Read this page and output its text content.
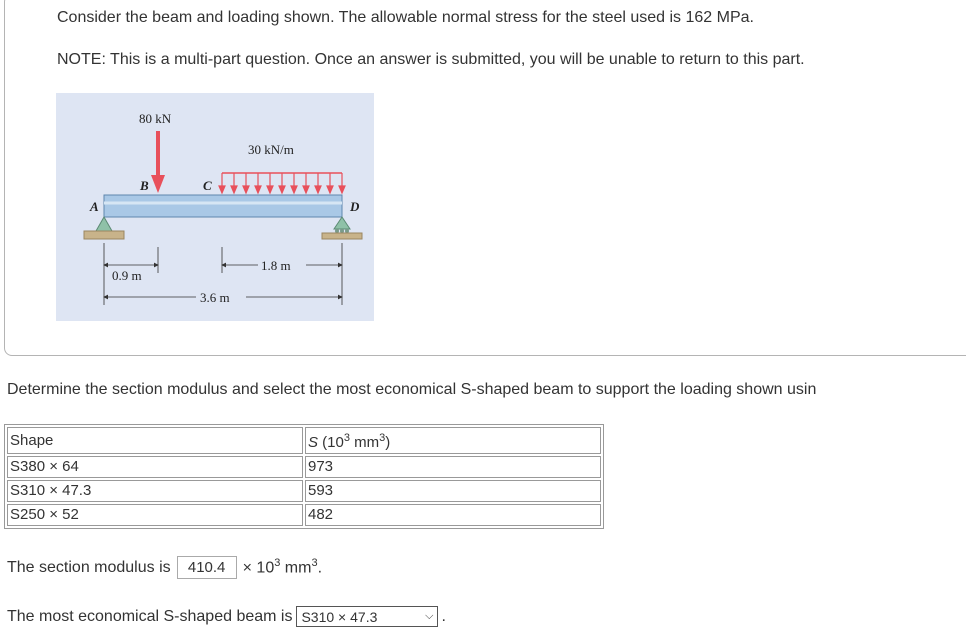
Consider the beam and loading shown. The allowable normal stress for the steel used is 162 MPa.
NOTE: This is a multi-part question. Once an answer is submitted, you will be unable to return to this part.
80 kN
30 kN/m
A
B	C
D
0.9 m
1.8 m
3.6 m
Determine the section modulus and select the most economical S-shaped beam to support the loading shown usin
Shape	S ($10^3$ $mm^3$)
S380 × 64	973
S310 × 47.3	593
S250 × 52	482
The section modulus is	410.4	× $10^3$ $mm^3$.
The most economical S-shaped beam is S310 × 47.3	⌵ .
